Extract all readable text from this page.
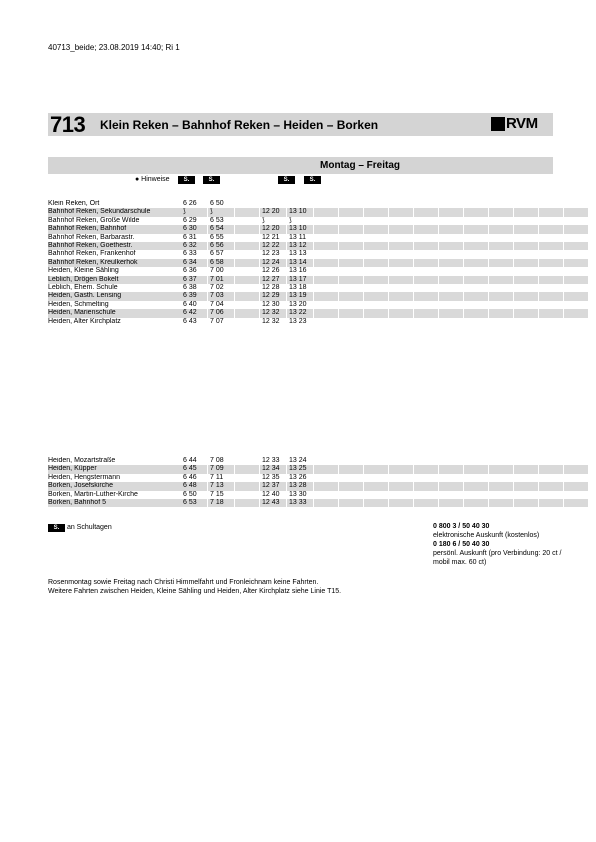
40713_beide; 23.08.2019 14:40; Ri 1
713 Klein Reken – Bahnhof Reken – Heiden – Borken	RVM
Montag – Freitag
● Hinweise	S.	S.	S.	S.
Klein Reken, Ort	6 26	6 50														
Bahnhof Reken, Sekundarschule	⟆	⟆		12 20	13 10											
Bahnhof Reken, Große Wilde	6 29	6 53		⟆	⟆											
Bahnhof Reken, Bahnhof	6 30	6 54		12 20	13 10											
Bahnhof Reken, Barbarastr.	6 31	6 55		12 21	13 11											
Bahnhof Reken, Goethestr.	6 32	6 56		12 22	13 12											
Bahnhof Reken, Frankenhof	6 33	6 57		12 23	13 13											
Bahnhof Reken, Kreulkerhok	6 34	6 58		12 24	13 14											
Heiden, Kleine Sähling	6 36	7 00		12 26	13 16											
Leblich, Drögen Bokelt	6 37	7 01		12 27	13 17											
Leblich, Ehem. Schule	6 38	7 02		12 28	13 18											
Heiden, Gasth. Lensing	6 39	7 03		12 29	13 19											
Heiden, Schmelting	6 40	7 04		12 30	13 20											
Heiden, Marienschule	6 42	7 06		12 32	13 22											
Heiden, Alter Kirchplatz	6 43	7 07		12 32	13 23											
Heiden, Mozartstraße	6 44	7 08		12 33	13 24											
Heiden, Küpper	6 45	7 09		12 34	13 25											
Heiden, Hengstermann	6 46	7 11		12 35	13 26											
Borken, Josefskirche	6 48	7 13		12 37	13 28											
Borken, Martin-Luther-Kirche	6 50	7 15		12 40	13 30											
Borken, Bahnhof 5	6 53	7 18		12 43	13 33											
S. an Schultagen	0 800 3 / 50 40 30
elektronische Auskunft (kostenlos)
0 180 6 / 50 40 30
persönl. Auskunft (pro Verbindung: 20 ct / mobil max. 60 ct)
Rosenmontag sowie Freitag nach Christi Himmelfahrt und Fronleichnam keine Fahrten.
Weitere Fahrten zwischen Heiden, Kleine Sähling und Heiden, Alter Kirchplatz siehe Linie T15.
